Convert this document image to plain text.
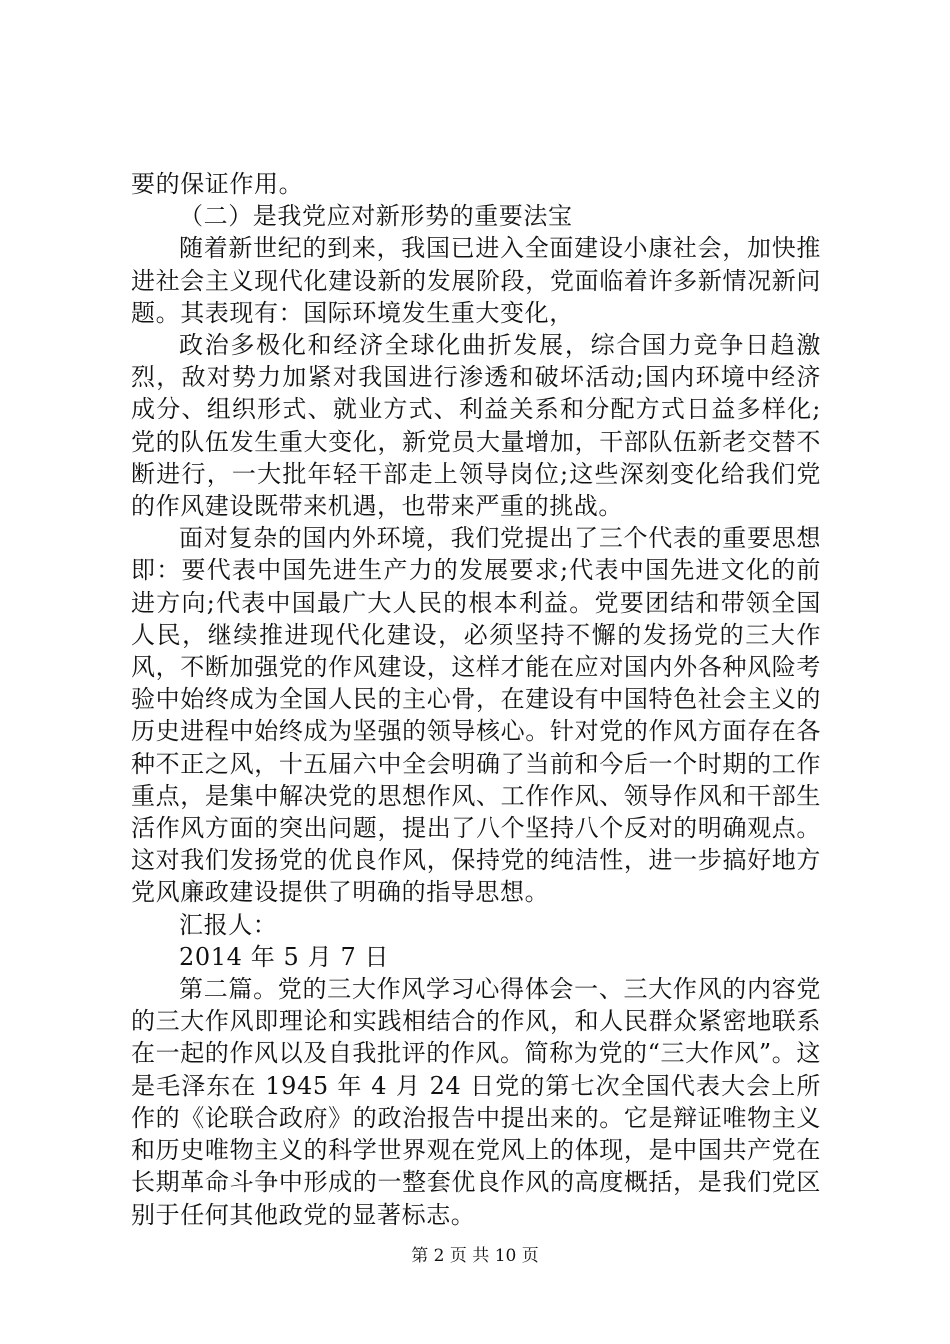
要的保证作用。

（二）是我党应对新形势的重要法宝

随着新世纪的到来，我国已进入全面建设小康社会，加快推进社会主义现代化建设新的发展阶段，党面临着许多新情况新问题。其表现有：国际环境发生重大变化，

政治多极化和经济全球化曲折发展，综合国力竞争日趋激烈，敌对势力加紧对我国进行渗透和破坏活动;国内环境中经济成分、组织形式、就业方式、利益关系和分配方式日益多样化;党的队伍发生重大变化，新党员大量增加，干部队伍新老交替不断进行，一大批年轻干部走上领导岗位;这些深刻变化给我们党的作风建设既带来机遇，也带来严重的挑战。

面对复杂的国内外环境，我们党提出了三个代表的重要思想即：要代表中国先进生产力的发展要求;代表中国先进文化的前进方向;代表中国最广大人民的根本利益。党要团结和带领全国人民，继续推进现代化建设，必须坚持不懈的发扬党的三大作风，不断加强党的作风建设，这样才能在应对国内外各种风险考验中始终成为全国人民的主心骨，在建设有中国特色社会主义的历史进程中始终成为坚强的领导核心。针对党的作风方面存在各种不正之风，十五届六中全会明确了当前和今后一个时期的工作重点，是集中解决党的思想作风、工作作风、领导作风和干部生活作风方面的突出问题，提出了八个坚持八个反对的明确观点。这对我们发扬党的优良作风，保持党的纯洁性，进一步搞好地方党风廉政建设提供了明确的指导思想。

汇报人：

2014 年 5 月 7 日

第二篇。党的三大作风学习心得体会一、三大作风的内容党的三大作风即理论和实践相结合的作风，和人民群众紧密地联系在一起的作风以及自我批评的作风。简称为党的“三大作风”。这是毛泽东在 1945 年 4 月 24 日党的第七次全国代表大会上所作的《论联合政府》的政治报告中提出来的。它是辩证唯物主义和历史唯物主义的科学世界观在党风上的体现，是中国共产党在长期革命斗争中形成的一整套优良作风的高度概括，是我们党区别于任何其他政党的显著标志。

第 2 页 共 10 页
